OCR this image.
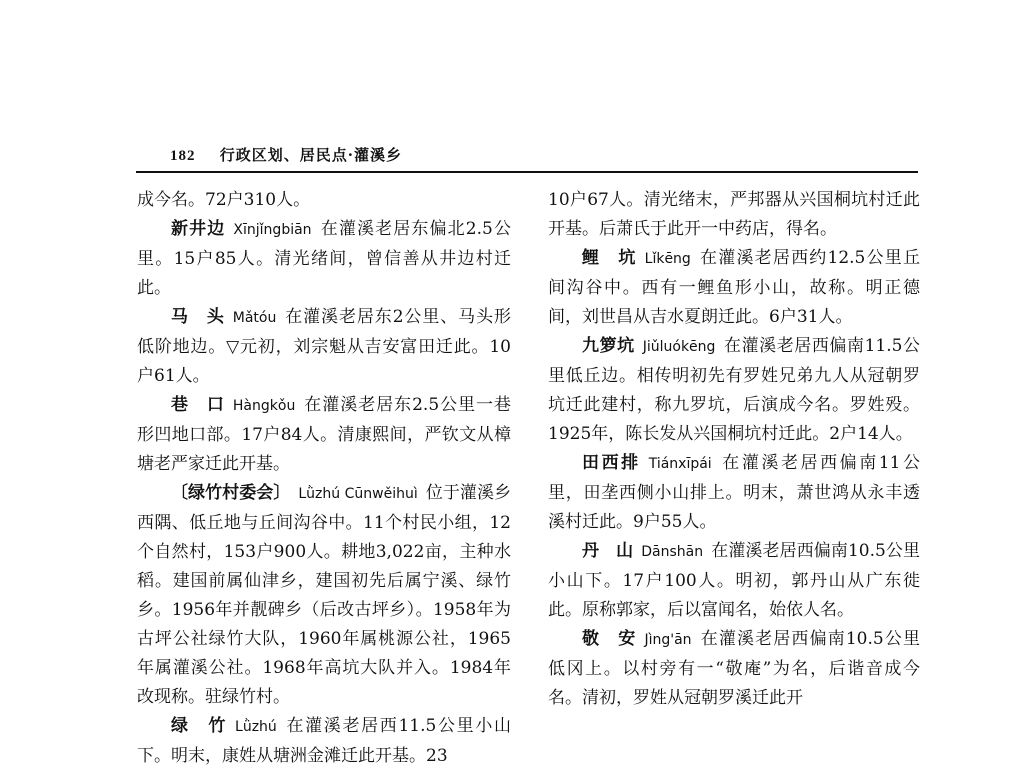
182 行政区划、居民点·灌溪乡

成今名。72户310人。

新井边 Xīnjǐngbiān 在灌溪老居东偏北2.5公里。15户85人。清光绪间，曾信善从井边村迁此。

马　头 Mǎtóu 在灌溪老居东2公里、马头形低阶地边。▽元初，刘宗魁从吉安富田迁此。10户61人。

巷　口 Hàngkǒu 在灌溪老居东2.5公里一巷形凹地口部。17户84人。清康熙间，严钦文从樟塘老严家迁此开基。

〔绿竹村委会〕 Lǜzhú Cūnwěihuì 位于灌溪乡西隅、低丘地与丘间沟谷中。11个村民小组，12个自然村，153户900人。耕地3,022亩，主种水稻。建国前属仙津乡，建国初先后属宁溪、绿竹乡。1956年并靓碑乡（后改古坪乡）。1958年为古坪公社绿竹大队，1960年属桃源公社，1965年属灌溪公社。1968年高坑大队并入。1984年改现称。驻绿竹村。

绿　竹 Lǜzhú 在灌溪老居西11.5公里小山下。明末，康姓从塘洲金滩迁此开基。23

10户67人。清光绪末，严邦器从兴国桐坑村迁此开基。后萧氏于此开一中药店，得名。

鲤　坑 Lǐkēng 在灌溪老居西约12.5公里丘间沟谷中。西有一鲤鱼形小山，故称。明正德间，刘世昌从吉水夏朗迁此。6户31人。

九箩坑 Jiǔluókēng 在灌溪老居西偏南11.5公里低丘边。相传明初先有罗姓兄弟九人从冠朝罗坑迁此建村，称九罗坑，后演成今名。罗姓殁。1925年，陈长发从兴国桐坑村迁此。2户14人。

田西排 Tiánxīpái 在灌溪老居西偏南11公里，田垄西侧小山排上。明末，萧世鸿从永丰透溪村迁此。9户55人。

丹　山 Dānshān 在灌溪老居西偏南10.5公里小山下。17户100人。明初，郭丹山从广东徙此。原称郭家，后以富闻名，始依人名。

敬　安 Jìng'ān 在灌溪老居西偏南10.5公里低冈上。以村旁有一“敬庵”为名，后谐音成今名。清初，罗姓从冠朝罗溪迁此开
